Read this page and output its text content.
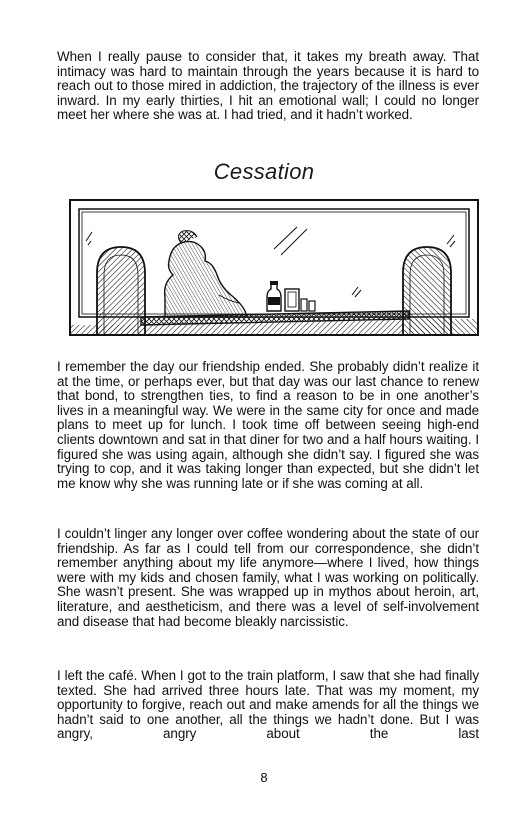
When I really pause to consider that, it takes my breath away. That intimacy was hard to maintain through the years because it is hard to reach out to those mired in addiction, the trajectory of the illness is ever inward. In my early thirties, I hit an emotional wall; I could no longer meet her where she was at. I had tried, and it hadn’t worked.

Cessation

I remember the day our friendship ended. She probably didn’t realize it at the time, or perhaps ever, but that day was our last chance to renew that bond, to strengthen ties, to find a reason to be in one another’s lives in a meaningful way. We were in the same city for once and made plans to meet up for lunch. I took time off between seeing high-end clients downtown and sat in that diner for two and a half hours waiting. I figured she was using again, although she didn’t say. I figured she was trying to cop, and it was taking longer than expected, but she didn’t let me know why she was running late or if she was coming at all.

I couldn’t linger any longer over coffee wondering about the state of our friendship. As far as I could tell from our correspondence, she didn’t remember anything about my life anymore—where I lived, how things were with my kids and chosen family, what I was working on politically. She wasn’t present. She was wrapped up in mythos about heroin, art, literature, and aestheticism, and there was a level of self-involvement and disease that had become bleakly narcissistic.

I left the café. When I got to the train platform, I saw that she had finally texted. She had arrived three hours late. That was my moment, my opportunity to forgive, reach out and make amends for all the things we hadn’t said to one another, all the things we hadn’t done. But I was angry, angry about the last

8
